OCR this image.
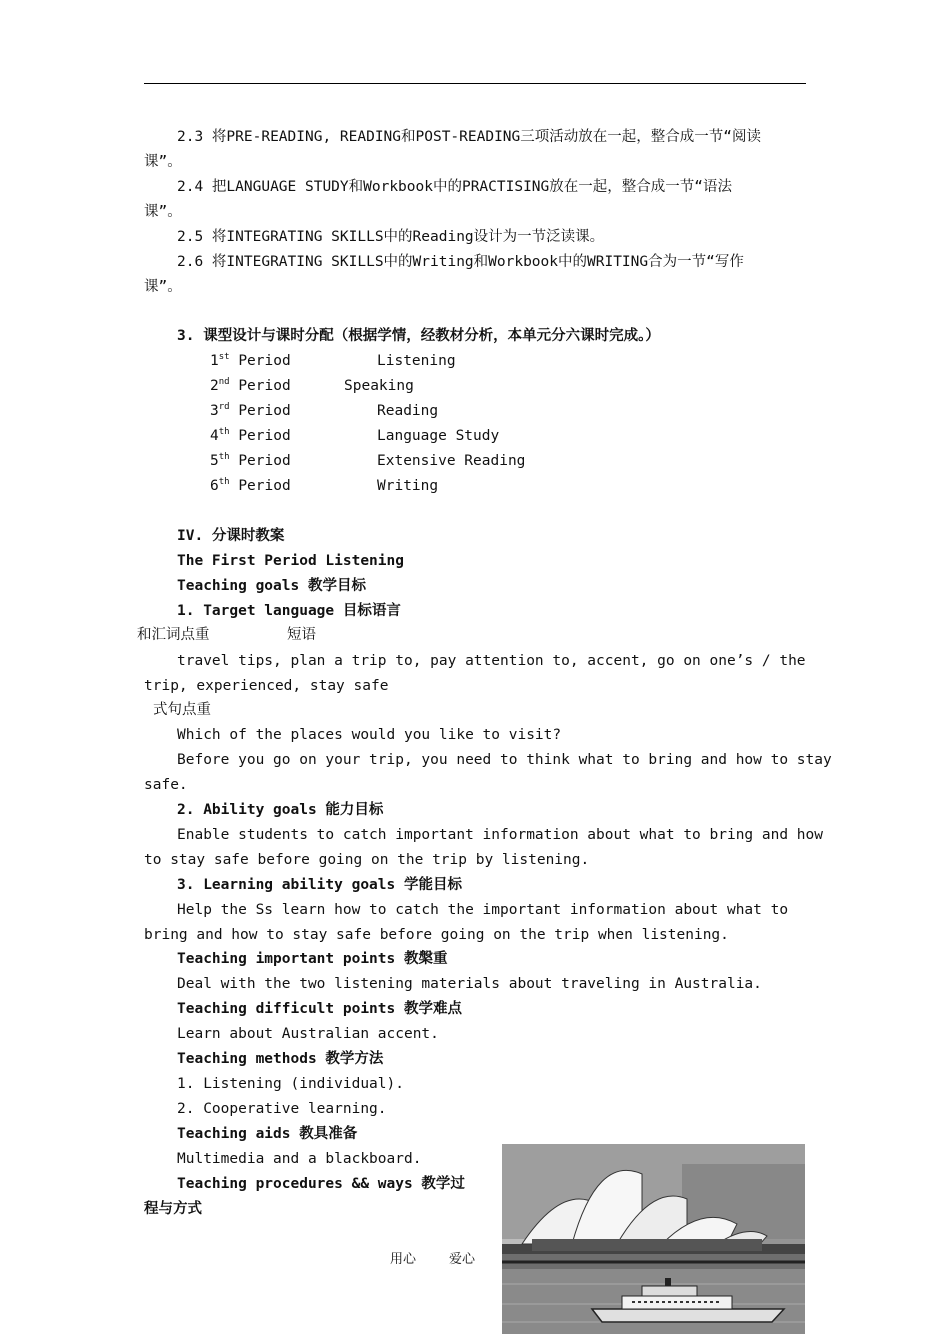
2.3 将PRE-READING, READING和POST-READING三项活动放在一起，整合成一节“阅读
课”。
2.4 把LANGUAGE STUDY和Workbook中的PRACTISING放在一起，整合成一节“语法
课”。
2.5 将INTEGRATING SKILLS中的Reading设计为一节泛读课。
2.6 将INTEGRATING SKILLS中的Writing和Workbook中的WRITING合为一节“写作
课”。
3. 课型设计与课时分配（根据学情，经教材分析，本单元分六课时完成。）
1st Period	Listening
2nd Period	Speaking
3rd Period	Reading
4th Period	Language Study
5th Period	Extensive Reading
6th Period	Writing
IV. 分课时教案
The First Period Listening
Teaching goals 教学目标
1. Target language 目标语言
和汇词点重	短语
travel tips, plan a trip to, pay attention to, accent, go on one’s / the
trip, experienced, stay safe
式句点重
Which of the places would you like to visit?
Before you go on your trip, you need to think what to bring and how to stay
safe.
2. Ability goals 能力目标
Enable students to catch important information about what to bring and how
to stay safe before going on the trip by listening.
3. Learning ability goals 学能目标
Help the Ss learn how to catch the important information about what to
bring and how to stay safe before going on the trip when listening.
Teaching important points 教槃重
Deal with the two listening materials about traveling in Australia.
Teaching difficult points 教学难点
Learn about Australian accent.
Teaching methods 教学方法
1. Listening (individual).
2. Cooperative learning.
Teaching aids 教具准备
Multimedia and a blackboard.
Teaching procedures && ways 教学过
程与方式
用心	爱心
